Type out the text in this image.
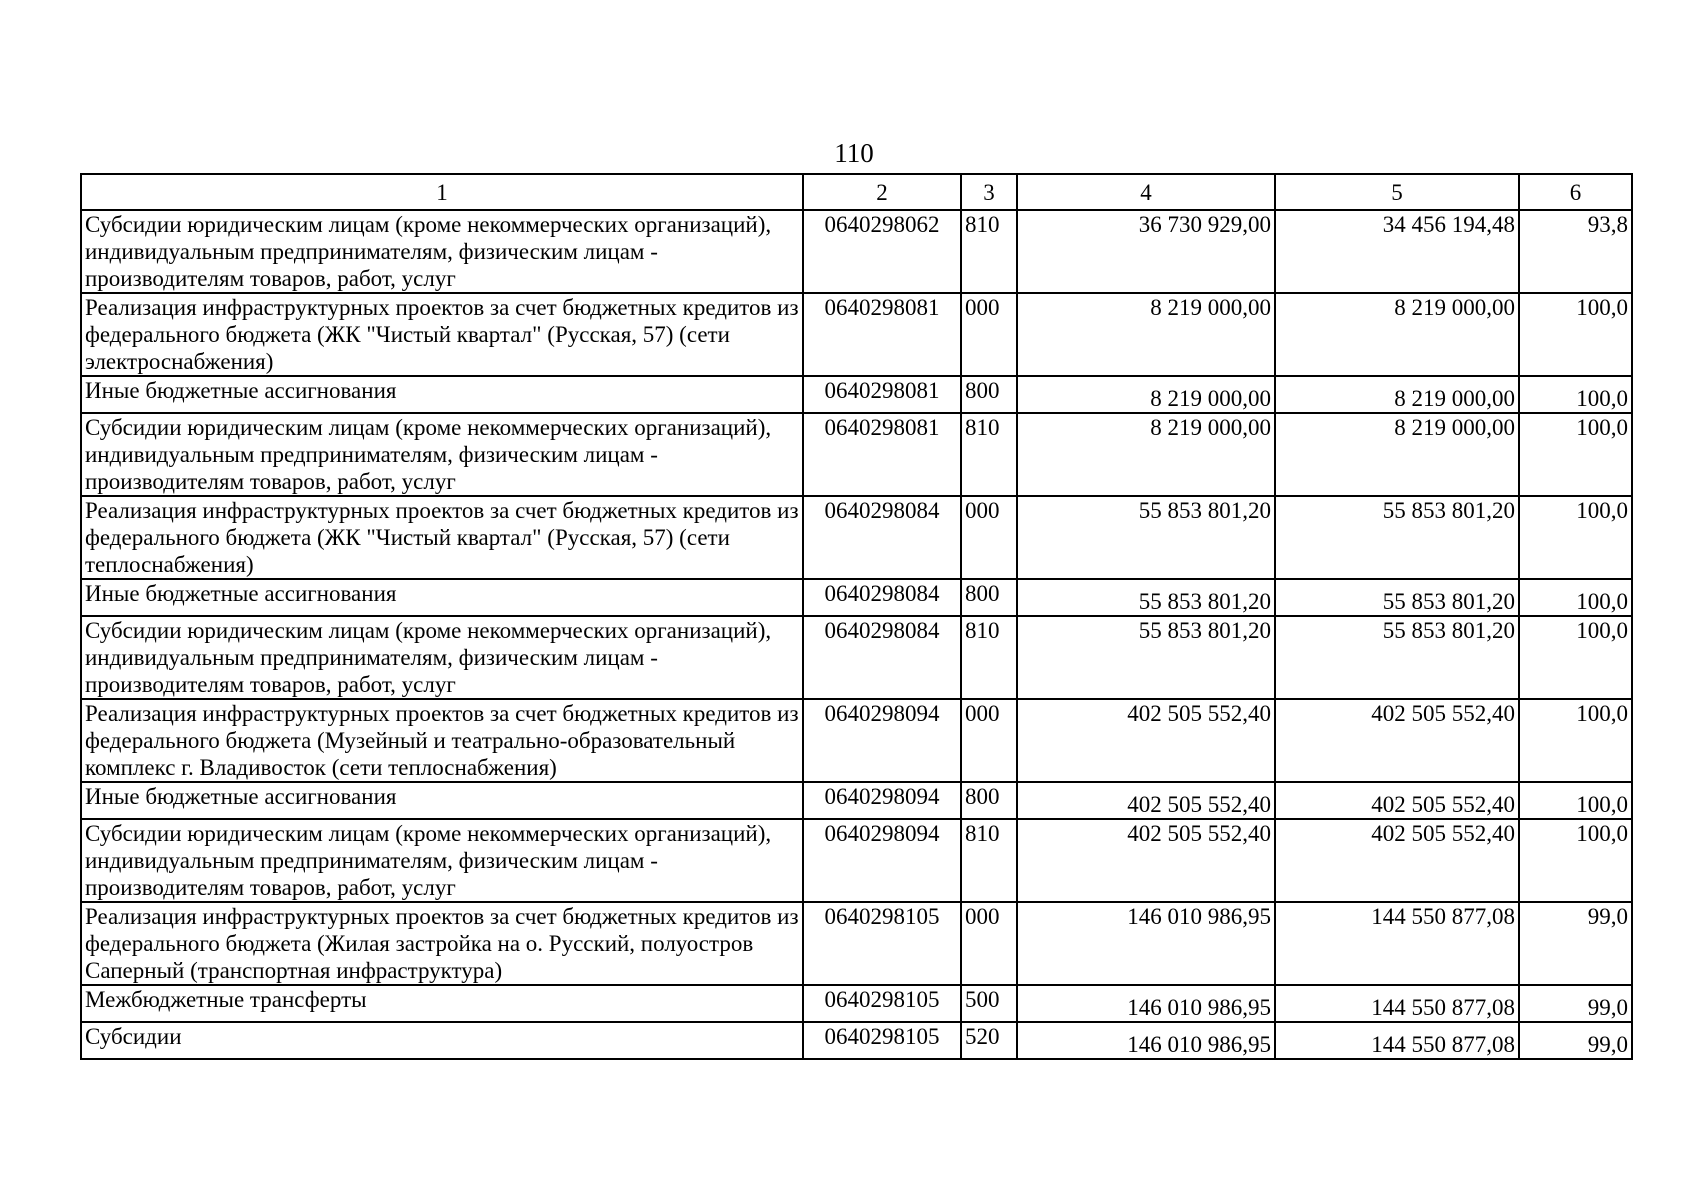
110
1	2	3	4	5	6
Субсидии юридическим лицам (кроме некоммерческих организаций), индивидуальным предпринимателям, физическим лицам - производителям товаров, работ, услуг	0640298062	810	36 730 929,00	34 456 194,48	93,8
Реализация инфраструктурных проектов за счет бюджетных кредитов из федерального бюджета (ЖК "Чистый квартал" (Русская, 57) (сети электроснабжения)	0640298081	000	8 219 000,00	8 219 000,00	100,0
Иные бюджетные ассигнования	0640298081	800	8 219 000,00	8 219 000,00	100,0
Субсидии юридическим лицам (кроме некоммерческих организаций), индивидуальным предпринимателям, физическим лицам - производителям товаров, работ, услуг	0640298081	810	8 219 000,00	8 219 000,00	100,0
Реализация инфраструктурных проектов за счет бюджетных кредитов из федерального бюджета (ЖК "Чистый квартал" (Русская, 57) (сети теплоснабжения)	0640298084	000	55 853 801,20	55 853 801,20	100,0
Иные бюджетные ассигнования	0640298084	800	55 853 801,20	55 853 801,20	100,0
Субсидии юридическим лицам (кроме некоммерческих организаций), индивидуальным предпринимателям, физическим лицам - производителям товаров, работ, услуг	0640298084	810	55 853 801,20	55 853 801,20	100,0
Реализация инфраструктурных проектов за счет бюджетных кредитов из федерального бюджета (Музейный и театрально-образовательный комплекс г. Владивосток (сети теплоснабжения)	0640298094	000	402 505 552,40	402 505 552,40	100,0
Иные бюджетные ассигнования	0640298094	800	402 505 552,40	402 505 552,40	100,0
Субсидии юридическим лицам (кроме некоммерческих организаций), индивидуальным предпринимателям, физическим лицам - производителям товаров, работ, услуг	0640298094	810	402 505 552,40	402 505 552,40	100,0
Реализация инфраструктурных проектов за счет бюджетных кредитов из федерального бюджета (Жилая застройка на о. Русский, полуостров Саперный (транспортная инфраструктура)	0640298105	000	146 010 986,95	144 550 877,08	99,0
Межбюджетные трансферты	0640298105	500	146 010 986,95	144 550 877,08	99,0
Субсидии	0640298105	520	146 010 986,95	144 550 877,08	99,0
